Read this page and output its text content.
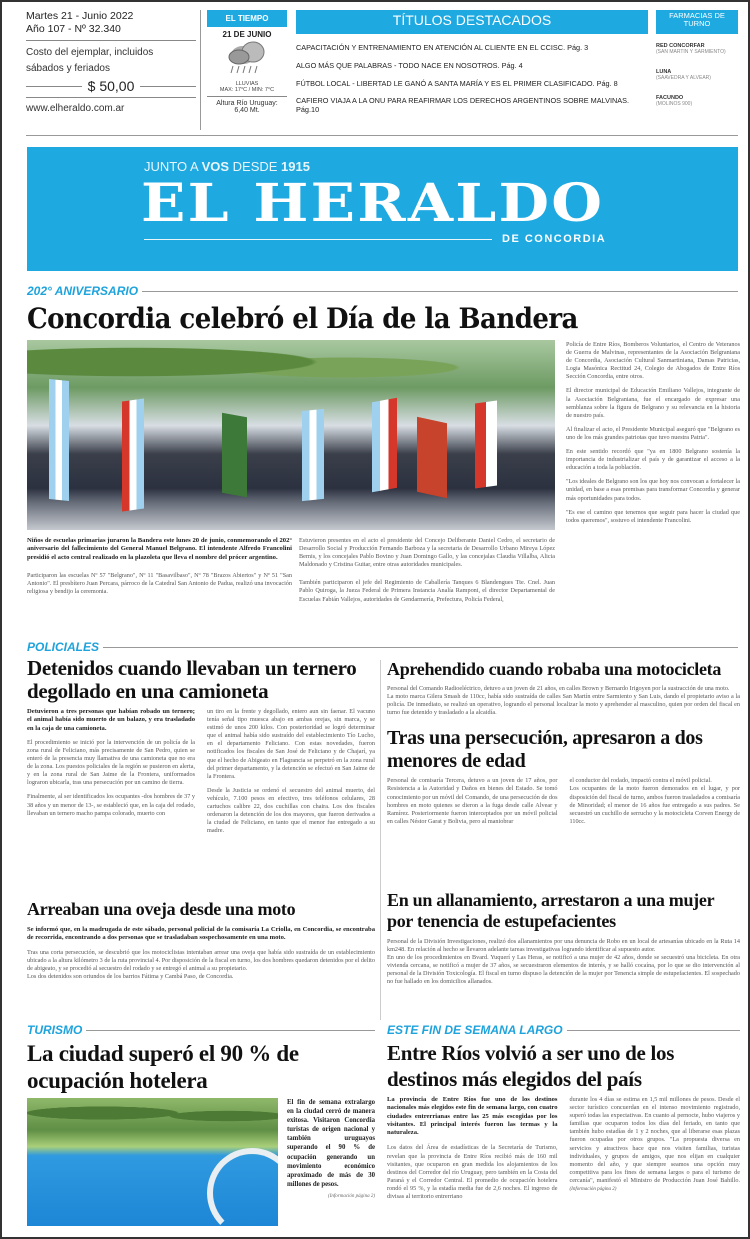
Martes 21 - Junio 2022
Año 107 - Nº 32.340
Costo del ejemplar, incluidos
sábados y feriados
$ 50,00
www.elheraldo.com.ar
EL TIEMPO
21 DE JUNIO
LLUVIAS
MAX: 17°C / MIN: 7°C
Altura Río Uruguay:
6,40 Mt.
TÍTULOS DESTACADOS
CAPACITACIÓN Y ENTRENAMIENTO EN ATENCIÓN AL CLIENTE EN EL CCISC. Pág. 3
ALGO MÁS QUE PALABRAS - TODO NACE EN NOSOTROS. Pág. 4
FÚTBOL LOCAL - LIBERTAD LE GANÓ A SANTA MARÍA Y ES EL PRIMER CLASIFICADO. Pág. 8
CAFIERO VIAJA A LA ONU PARA REAFIRMAR LOS DERECHOS ARGENTINOS SOBRE MALVINAS. Pág.10
FARMACIAS DE TURNO
RED CONCORFAR
(SAN MARTIN Y SARMIENTO)
LUNA
(SAAVEDRA Y ALVEAR)
FACUNDO
(MOLINOS 900)
JUNTO A VOS DESDE 1915
EL HERALDO
DE CONCORDIA
202° ANIVERSARIO
Concordia celebró el Día de la Bandera
Niños de escuelas primarias juraron la Bandera este lunes 20 de junio, conmemorando el 202° aniversario del fallecimiento del General Manuel Belgrano. El intendente Alfredo Francolini presidió el acto central realizado en la plazoleta que lleva el nombre del prócer argentino.
Participaron las escuelas Nº 57 "Belgrano", Nº 11 "Basavilbaso", Nº 78 "Brazos Abiertos" y Nº 51 "San Antonio". El presbítero Juan Percara, párroco de la Catedral San Antonio de Padua, realizó una invocación religiosa y bendijo la ceremonia.
Estuvieron presentes en el acto el presidente del Concejo Deliberante Daniel Cedro, el secretario de Desarrollo Social y Producción Fernando Barboza y la secretaria de Desarrollo Urbano Mireya López Bernis, y los concejales Pablo Bovino y Juan Domingo Gallo, y las concejalas Claudia Villalba, Alicia Maldonado y Cristina Guitar, entre otras autoridades municipales.
También participaron el jefe del Regimiento de Caballería Tanques 6 Blandengues Tte. Cnel. Juan Pablo Quiroga, la Jueza Federal de Primera Instancia Analía Ramponi, el director Departamental de Escuelas Fabián Vallejos, autoridades de Gendarmería, Prefectura, Policía Federal,

Policía de Entre Ríos, Bomberos Voluntarios, el Centro de Veteranos de Guerra de Malvinas, representantes de la Asociación Belgraniana de Concordia, Asociación Cultural Sanmartiniana, Damas Patricias, Logia Masónica Rectitud 24, Colegio de Abogados de Entre Ríos Sección Concordia, entre otros.

El director municipal de Educación Emiliano Vallejos, integrante de la Asociación Belgraniana, fue el encargado de expresar una semblanza sobre la figura de Belgrano y su relevancia en la historia de nuestro país.

Al finalizar el acto, el Presidente Municipal aseguró que "Belgrano es uno de los más grandes patriotas que tuvo nuestra Patria".

En este sentido recordó que "ya en 1800 Belgrano sostenía la importancia de industrializar el país y de garantizar el acceso a la educación a toda la población.

"Los ideales de Belgrano son los que hoy nos convocan a fortalecer la unidad, en base a esas premisas para transformar Concordia y generar más oportunidades para todos.

"Es ese el camino que tenemos que seguir para hacer la ciudad que todos queremos", sostuvo el intendente Francolini.

POLICIALES
Detenidos cuando llevaban un ternero degollado en una camioneta
Detuvieron a tres personas que habían robado un ternero; el animal había sido muerto de un balazo, y era trasladado en la caja de una camioneta.
El procedimiento se inició por la intervención de un policía de la zona rural de Feliciano, más precisamente de San Pedro, quien se enteró de la presencia muy llamativa de una camioneta que no era de la zona. Los puestos policiales de la región se pusieron en alerta, y en la zona rural de San Jaime de la Frontera, uniformados lograron ubicarla, tras una persecución por un camino de tierra.
Finalmente, al ser identificados los ocupantes -dos hombres de 37 y 38 años y un menor de 13-, se estableció que, en la caja del rodado, llevaban un ternero macho pampa colorado, muerto con
un tiro en la frente y degollado, entero aun sin faenar. El vacuno tenía señal tipo muesca abajo en ambas orejas, sin marca, y se estimó de unos 200 kilos. Con posterioridad se logró determinar que el animal había sido sustraído del establecimiento Tío Lucho, en el departamento Feliciano. Con estas novedades, fueron notificados los fiscales de San José de Feliciano y de Chajarí, ya que el hecho de Abigeato en Flagrancia se perpetró en la zona rural del primer departamento, y la detención se efectuó en San Jaime de la Frontera.
Desde la Justicia se ordenó el secuestro del animal muerto, del vehículo, 7.100 pesos en efectivo, tres teléfonos celulares, 28 cartuchos calibre 22, dos cuchillas con chaira. Los dos fiscales ordenaron la detención de los dos mayores, que fueron derivados a la ciudad de Feliciano, en tanto que el menor fue entregado a su madre.
Aprehendido cuando robaba una motocicleta
Personal del Comando Radioeléctrico, detuvo a un joven de 21 años, en calles Brown y Bernardo Irigoyen por la sustracción de una moto.
La moto marca Gilera Smash de 110cc, había sido sustraída de calles San Martín entre Sarmiento y San Luis, dando el propietario aviso a la policía. De inmediato, se realizó un operativo, logrando el personal localizar la moto y aprehender al masculino, quien por orden del fiscal en turno fue detenido y trasladado a la alcaidía.
Tras una persecución, apresaron a dos menores de edad
Personal de comisaría Tercera, detuvo a un joven de 17 años, por Resistencia a la Autoridad y Daños en bienes del Estado. Se tomó conocimiento por un móvil del Comando, de una persecución de dos hombres en moto quienes se dieron a la fuga desde calle Alvear y Ramírez. Posteriormente fueron interceptados por un móvil policial en calles Néstor Garat y Bolivia, pero al maniobrar
el conductor del rodado, impactó contra el móvil policial.
Los ocupantes de la moto fueron demorados en el lugar, y por disposición del fiscal de turno, ambos fueron trasladados a comisaría de Minoridad; el menor de 16 años fue entregado a sus padres. Se secuestró un cuchillo de serrucho y la motocicleta Corven Energy de 110cc.
Arreaban una oveja desde una moto
Se informó que, en la madrugada de este sábado, personal policial de la comisaría La Criolla, en Concordia, se encontraba de recorrida, encontrando a dos personas que se trasladaban sospechosamente en una moto.
Tras una corta persecución, se descubrió que los motociclistas intentaban arrear una oveja que había sido sustraída de un establecimiento ubicado a la altura kilómetro 3 de la ruta provincial 4. Por disposición de la fiscal en turno, los dos hombres quedaron detenidos por el delito de abigeato, y se procedió al secuestro del rodado y se entregó el animal a su propietario.
Los dos detenidos son oriundos de los barrios Fátima y Cambá Paso, de Concordia.
En un allanamiento, arrestaron a una mujer por tenencia de estupefacientes
Personal de la División Investigaciones, realizó dos allanamientos por una denuncia de Robo en un local de artesanías ubicado en la Ruta 14 km248. En relación al hecho se llevaron adelante tareas investigativas logrando identificar al supuesto autor.
En uno de los procedimientos en Bvard. Yuquerí y Las Heras, se notificó a una mujer de 42 años, donde se secuestró una bicicleta. En otra vivienda cercana, se notificó a mujer de 37 años, se secuestraron elementos de interés, y se halló cocaína, por lo que se dio intervención al personal de la División Toxicología. El fiscal en turno dispuso la detención de la mujer por Tenencia simple de estupefacientes. El sospechado no fue hallado en los domicilios allanados.
TURISMO
La ciudad superó el 90 % de ocupación hotelera
El fin de semana extralargo en la ciudad cerró de manera exitosa. Visitaron Concordia turistas de origen nacional y también uruguayos superando el 90 % de ocupación generando un movimiento económico aproximado de más de 30 millones de pesos.
(Información página 2)
ESTE FIN DE SEMANA LARGO
Entre Ríos volvió a ser uno de los destinos más elegidos del país
La provincia de Entre Ríos fue uno de los destinos nacionales más elegidos este fin de semana largo, con cuatro ciudades entrerrianas entre las 25 más escogidas por los visitantes. El principal interés fueron las termas y la naturaleza.
Los datos del Área de estadísticas de la Secretaría de Turismo, revelan que la provincia de Entre Ríos recibió más de 160 mil visitantes, que ocuparon en gran medida los alojamientos de los destinos del Corredor del río Uruguay, pero también en la Costa del Paraná y el Corredor Central. El promedio de ocupación hotelera rondó el 95 %, y la estadía media fue de 2,6 noches. El ingreso de divisas al territorio entrerriano
durante los 4 días se estima en 1,5 mil millones de pesos. Desde el sector turístico concuerdan en el intenso movimiento registrado, superó todas las expectativas. En cuanto al pernocte, hubo viajeros y familias que ocuparon todos los días del feriado, en tanto que también hubo estadías de 1 y 2 noches, que al liberarse esas plazas fueron ocupadas por otros grupos. "La propuesta diversa en servicios y atractivos hace que nos visiten familias, turistas individuales, y grupos de amigos, que nos elijan en cualquier momento del año, y que siempre seamos una opción muy competitiva para los fines de semana largos o para el turismo de cercanía", manifestó el Ministro de Producción Juan José Bahillo. (Información página 2)
